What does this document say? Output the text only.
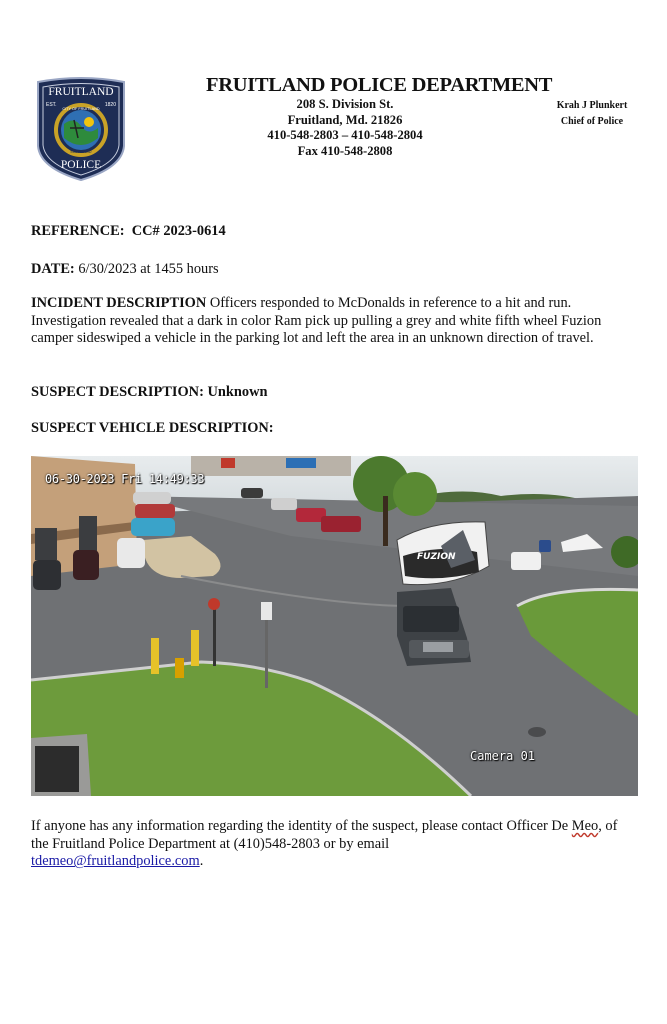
FRUITLAND
EST.	1820
CITY OF FRUITLAND
MARYLAND
POLICE
FRUITLAND POLICE DEPARTMENT
208 S. Division St.
Fruitland, Md. 21826
410-548-2803 – 410-548-2804
Fax 410-548-2808
Krah J Plunkert
Chief of Police
REFERENCE: CC# 2023-0614
DATE: 6/30/2023 at 1455 hours
INCIDENT DESCRIPTION Officers responded to McDonalds in reference to a hit and run. Investigation revealed that a dark in color Ram pick up pulling a grey and white fifth wheel Fuzion camper sideswiped a vehicle in the parking lot and left the area in an unknown direction of travel.
SUSPECT DESCRIPTION: Unknown
SUSPECT VEHICLE DESCRIPTION:
FUZION
06-30-2023 Fri 14:49:33
Camera 01
If anyone has any information regarding the identity of the suspect, please contact Officer De Meo, of the Fruitland Police Department at (410)548-2803 or by email
tdemeo@fruitlandpolice.com.
